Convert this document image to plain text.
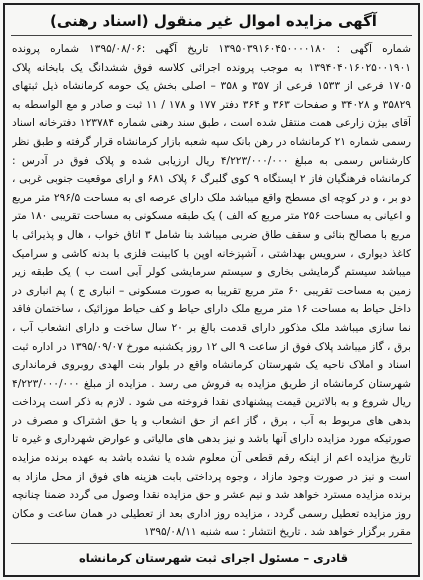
آگهی مزایده اموال غیر منقول (اسناد رهنی)
شماره آگهی : ۱۳۹۵۰۳۹۱۶۰۴۵۰۰۰۰۱۸۰ تاریخ آگهی :۱۳۹۵/۰۸/۰۶ شماره پرونده ۱۳۹۴۰۴۰۱۶۰۲۵۰۰۱۹۰۱ به موجب پرونده اجرائی کلاسه فوق ششدانگ یک بابخانه پلاک ۱۷۰۵ فرعی از ۱۵۳۳ فرعی از ۳۵۷ و ۳۵۸ – اصلی بخش یک حومه کرمانشاه ذیل ثبتهای ۳۵۸۲۹ و ۳۴۰۲۸ و صفحات ۳۶۳ و ۳۶۴ دفتر ۱۷۷ و ۱۷۸ / ۱۱ ثبت و صادر و مع الواسطه به آقای بیژن زارعی همت منتقل شده است ، طبق سند رهنی شماره ۱۲۳۷۸۴ دفترخانه اسناد رسمی شماره ۲۱ کرمانشاه در رهن بانک سپه شعبه بازار کرمانشاه قرار گرفته و طبق نظر کارشناس رسمی به مبلغ ۴/۲۲۳/۰۰۰/۰۰۰ ریال ارزیابی شده و پلاک فوق در آدرس : کرمانشاه فرهنگیان فاز ۲ ایستگاه ۹ کوی گلبرگ ۶ پلاک ۶۸۱ و ارای موقعیت جنوبی غربی ، دو بر ، و در کوچه ای مسطح واقع میباشد ملک دارای عرصه ای به مساحت ۲۹۶/۵ متر مربع و اعیانی به مساحت ۲۵۶ متر مربع که الف ) یک طبقه مسکونی به مساحت تقریبی ۱۸۰ متر مربع با مصالح بنائی و سقف طاق ضربی میباشد بنا شامل ۳ اتاق خواب ، هال و پذیرائی با کاغذ دیواری ، سرویس بهداشتی ، آشپزخانه اوپن با کابینت فلزی با بدنه کاشی و سرامیک میباشد سیستم گرمایشی بخاری و سیستم سرمایشی کولر آبی است ب ) یک طبقه زیر زمین به مساحت تقریبی ۶۰ متر مربع تقریبا به صورت مسکونی – انباری ج ) پم انباری در داخل حیاط به مساحت ۱۶ متر مربع ملک دارای حیاط و کف حیاط موزائیک ، ساختمان فاقد نما سازی میباشد ملک مذکور دارای قدمت بالغ بر ۲۰ سال ساخت و دارای انشعاب آب ، برق ، گاز میباشد پلاک فوق از ساعت ۹ الی ۱۲ روز یکشنبه مورخ ۱۳۹۵/۰۹/۰۷ در اداره ثبت اسناد و املاک ناحیه یک شهرستان کرمانشاه واقع در بلوار بنت الهدی روبروی فرمانداری شهرستان کرمانشاه از طریق مزایده به فروش می رسد . مزایده از مبلغ ۴/۲۲۳/۰۰۰/۰۰۰ ریال شروع و به بالاترین قیمت پیشنهادی نقدا فروخته می شود . لازم به ذکر است پرداخت بدهی های مربوط به آب ، برق ، گاز اعم از حق انشعاب و یا حق اشتراک و مصرف در صورتیکه مورد مزایده دارای آنها باشد و نیز بدهی های مالیاتی و عوارض شهرداری و غیره تا تاریخ مزایده اعم از اینکه رقم قطعی آن معلوم شده یا نشده باشد به عهده برنده مزایده است و نیز در صورت وجود مازاد ، وجوه پرداختی بابت هزینه های فوق از محل مازاد به برنده مزایده مسترد خواهد شد و نیم عشر و حق مزایده نقدا وصول می گردد ضمنا چنانچه روز مزایده تعطیل رسمی گردد ، مزایده روز اداری بعد از تعطیلی در همان ساعت و مکان مقرر برگزار خواهد شد . تاریخ انتشار : سه شنبه ۱۳۹۵/۰۸/۱۱
قادری – مسئول اجرای ثبت شهرستان کرمانشاه
